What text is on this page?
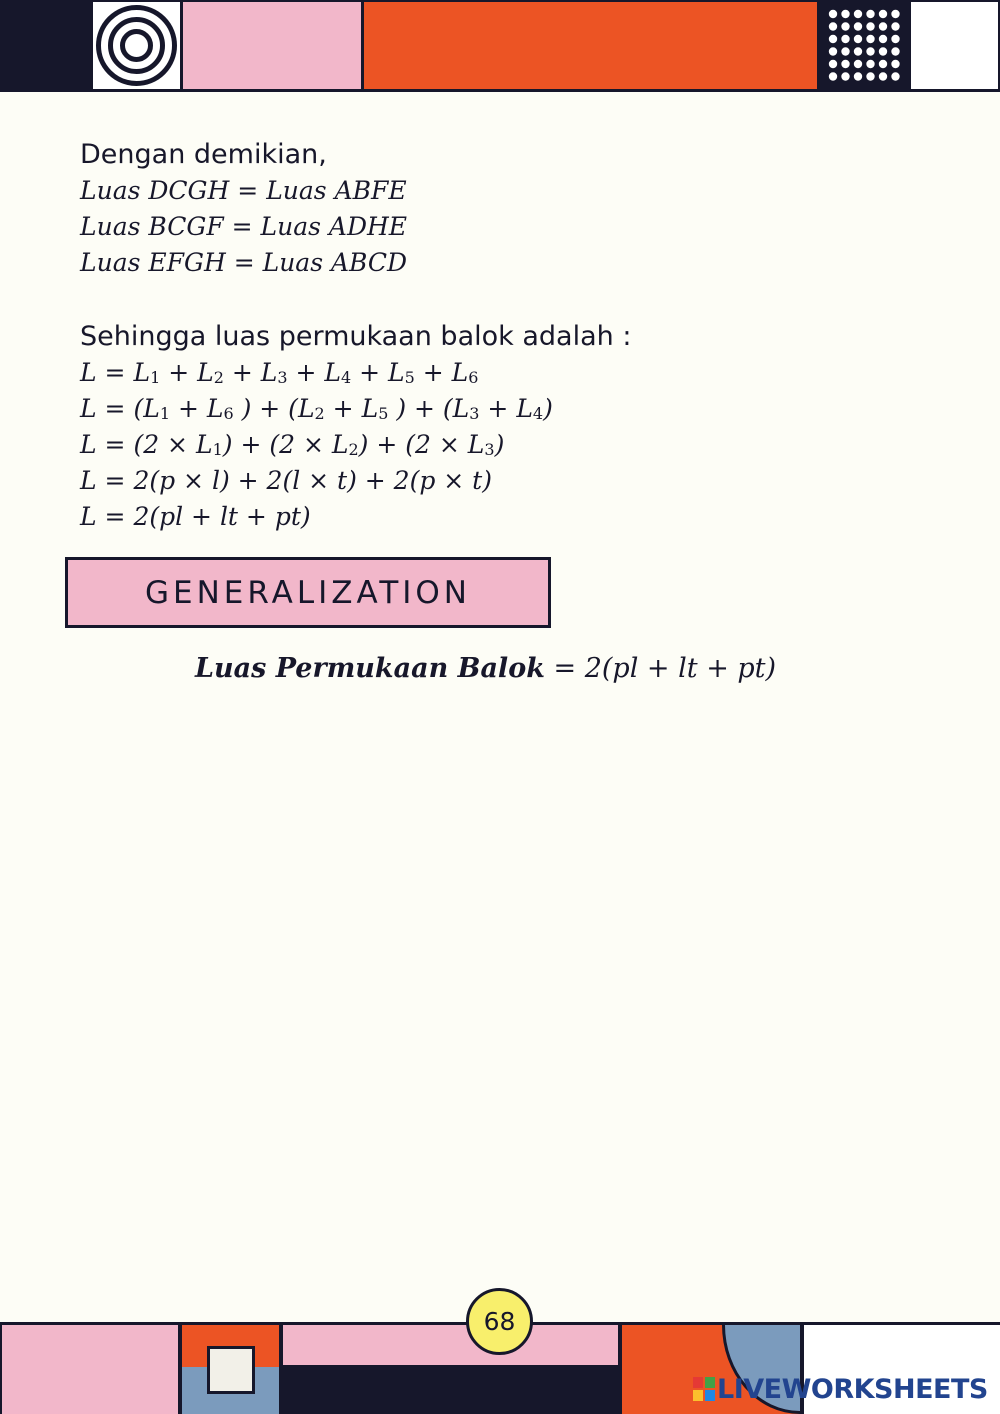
Dengan demikian,
Luas DCGH = Luas ABFE
Luas BCGF = Luas ADHE
Luas EFGH = Luas ABCD
Sehingga luas permukaan balok adalah :
$L = L_1 + L_2 + L_3 + L_4 + L_5 + L_6$
$L = (L_1 + L_6$ ) + ($L_2 + L_5$ ) + $(L_3 + L_4)$
$L = (2 \times L_1) + (2 \times L_2) + (2 \times L_3)$
L = 2(p × l) + 2(l × t) + 2(p × t)
L = 2(pl + lt + pt)
GENERALIZATION
Luas Permukaan Balok = 2(pl + lt + pt)
68
LIVEWORKSHEETS
